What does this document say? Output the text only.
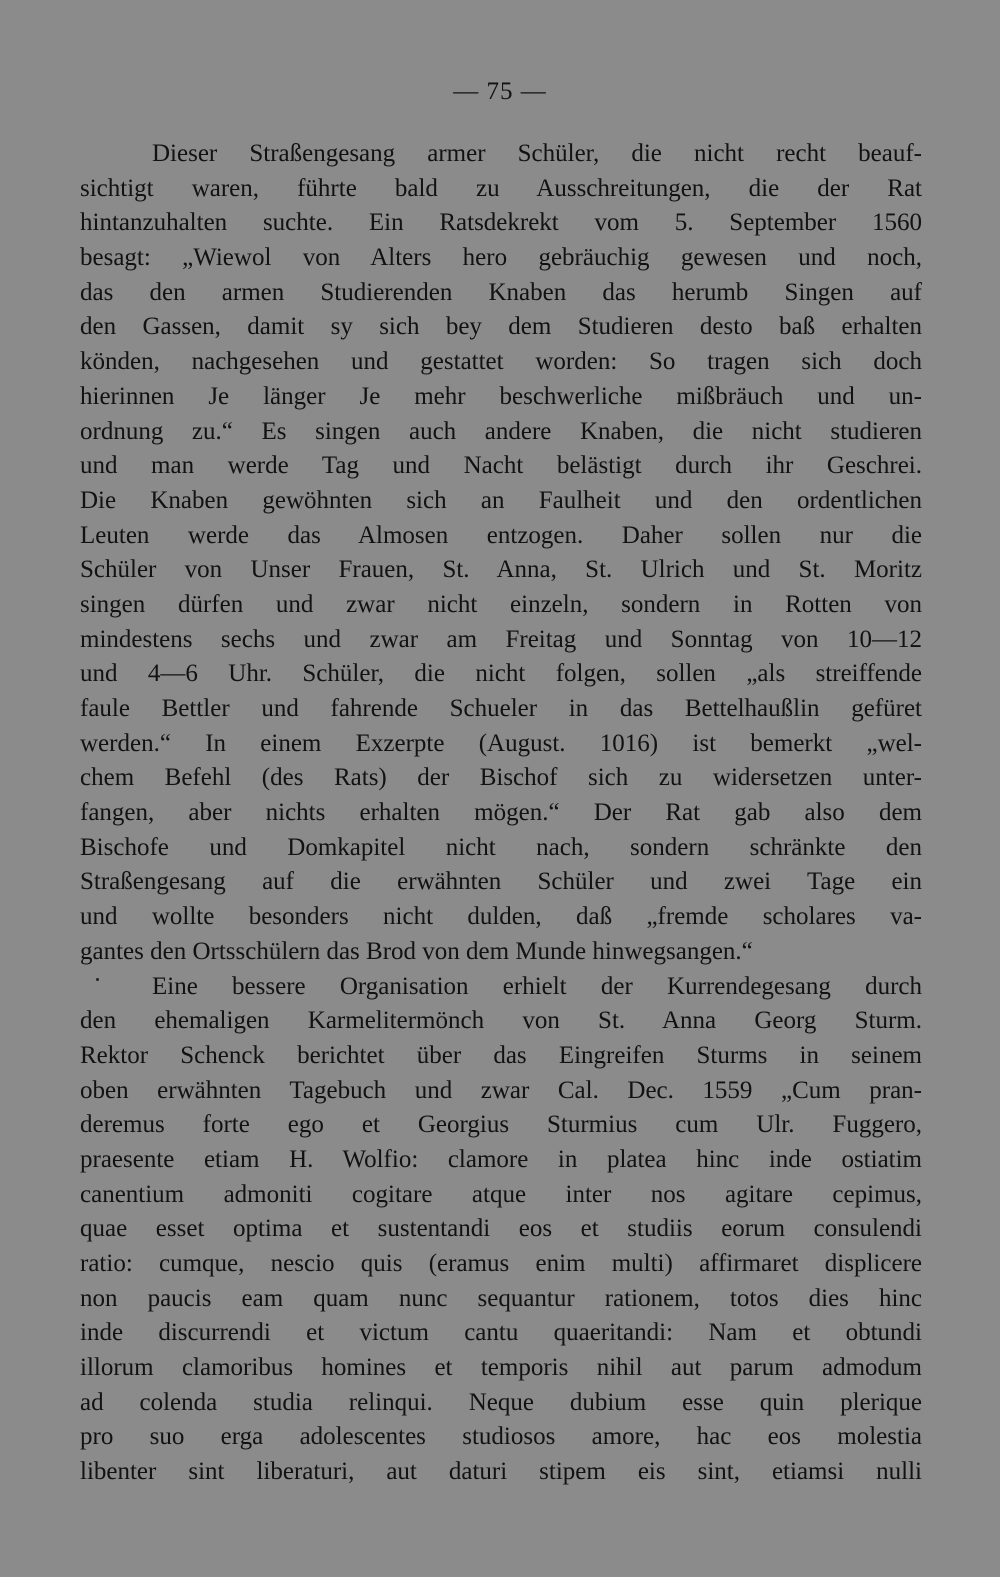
— 75 —
Dieser Straßengesang armer Schüler, die nicht recht beauf-
sichtigt waren, führte bald zu Ausschreitungen, die der Rat
hintanzuhalten suchte. Ein Ratsdekrekt vom 5. September 1560
besagt: „Wiewol von Alters hero gebräuchig gewesen und noch,
das den armen Studierenden Knaben das herumb Singen auf
den Gassen, damit sy sich bey dem Studieren desto baß erhalten
könden, nachgesehen und gestattet worden: So tragen sich doch
hierinnen Je länger Je mehr beschwerliche mißbräuch und un-
ordnung zu.“ Es singen auch andere Knaben, die nicht studieren
und man werde Tag und Nacht belästigt durch ihr Geschrei.
Die Knaben gewöhnten sich an Faulheit und den ordentlichen
Leuten werde das Almosen entzogen. Daher sollen nur die
Schüler von Unser Frauen, St. Anna, St. Ulrich und St. Moritz
singen dürfen und zwar nicht einzeln, sondern in Rotten von
mindestens sechs und zwar am Freitag und Sonntag von 10—12
und 4—6 Uhr. Schüler, die nicht folgen, sollen „als streiffende
faule Bettler und fahrende Schueler in das Bettelhaußlin gefüret
werden.“ In einem Exzerpte (August. 1016) ist bemerkt „wel-
chem Befehl (des Rats) der Bischof sich zu widersetzen unter-
fangen, aber nichts erhalten mögen.“ Der Rat gab also dem
Bischofe und Domkapitel nicht nach, sondern schränkte den
Straßengesang auf die erwähnten Schüler und zwei Tage ein
und wollte besonders nicht dulden, daß „fremde scholares va-
gantes den Ortsschülern das Brod von dem Munde hinwegsangen.“
Eine bessere Organisation erhielt der Kurrendegesang durch
den ehemaligen Karmelitermönch von St. Anna Georg Sturm.
Rektor Schenck berichtet über das Eingreifen Sturms in seinem
oben erwähnten Tagebuch und zwar Cal. Dec. 1559 „Cum pran-
deremus forte ego et Georgius Sturmius cum Ulr. Fuggero,
praesente etiam H. Wolfio: clamore in platea hinc inde ostiatim
canentium admoniti cogitare atque inter nos agitare cepimus,
quae esset optima et sustentandi eos et studiis eorum consulendi
ratio: cumque, nescio quis (eramus enim multi) affirmaret displicere
non paucis eam quam nunc sequantur rationem, totos dies hinc
inde discurrendi et victum cantu quaeritandi: Nam et obtundi
illorum clamoribus homines et temporis nihil aut parum admodum
ad colenda studia relinqui. Neque dubium esse quin plerique
pro suo erga adolescentes studiosos amore, hac eos molestia
libenter sint liberaturi, aut daturi stipem eis sint, etiamsi nulli
